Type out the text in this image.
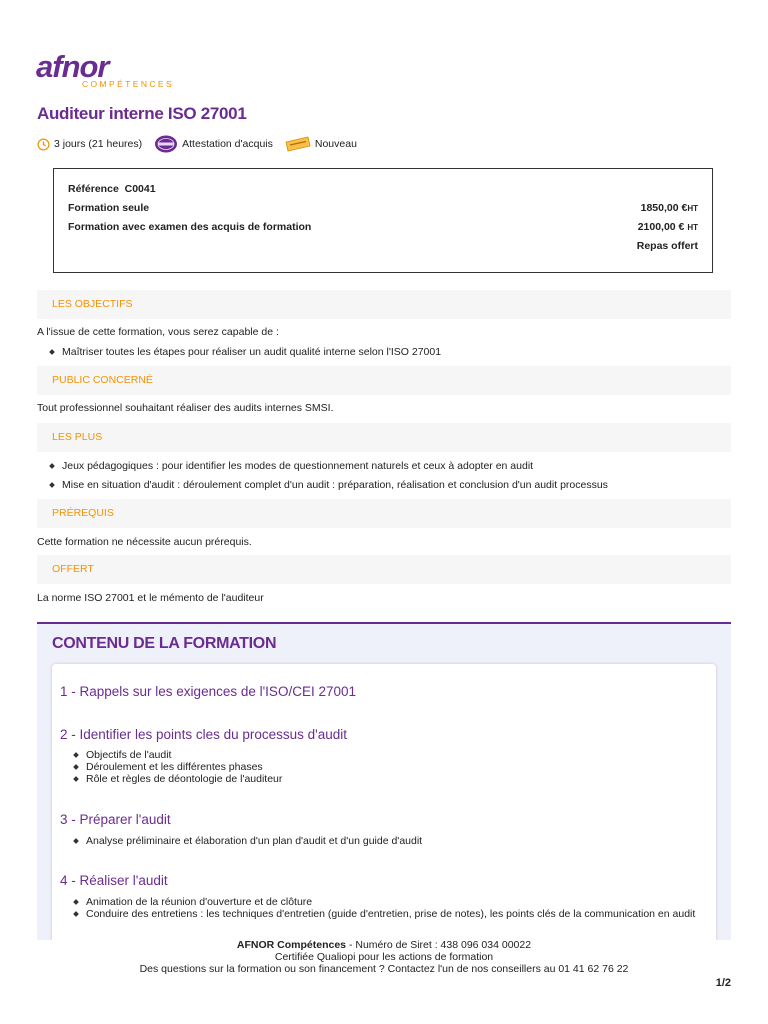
afnor
COMPÉTENCES
Auditeur interne ISO 27001
3 jours (21 heures)	Attestation d'acquis	Nouveau
Référence C0041
Formation seule	1850,00 €HT
Formation avec examen des acquis de formation	2100,00 € HT
Repas offert
LES OBJECTIFS
A l'issue de cette formation, vous serez capable de :
Maîtriser toutes les étapes pour réaliser un audit qualité interne selon l'ISO 27001
PUBLIC CONCERNÉ
Tout professionnel souhaitant réaliser des audits internes SMSI.
LES PLUS
Jeux pédagogiques : pour identifier les modes de questionnement naturels et ceux à adopter en audit
Mise en situation d'audit : déroulement complet d'un audit : préparation, réalisation et conclusion d'un audit processus
PRÉREQUIS
Cette formation ne nécessite aucun prérequis.
OFFERT
La norme ISO 27001 et le mémento de l'auditeur
CONTENU DE LA FORMATION
1 - Rappels sur les exigences de l'ISO/CEI 27001
2 - Identifier les points cles du processus d'audit
Objectifs de l'audit
Déroulement et les différentes phases
Rôle et règles de déontologie de l'auditeur
3 - Préparer l'audit
Analyse préliminaire et élaboration d'un plan d'audit et d'un guide d'audit
4 - Réaliser l'audit
Animation de la réunion d'ouverture et de clôture
Conduire des entretiens : les techniques d'entretien (guide d'entretien, prise de notes), les points clés de la communication en audit
AFNOR Compétences - Numéro de Siret : 438 096 034 00022
Certifiée Qualiopi pour les actions de formation
Des questions sur la formation ou son financement ? Contactez l'un de nos conseillers au 01 41 62 76 22
1/2
